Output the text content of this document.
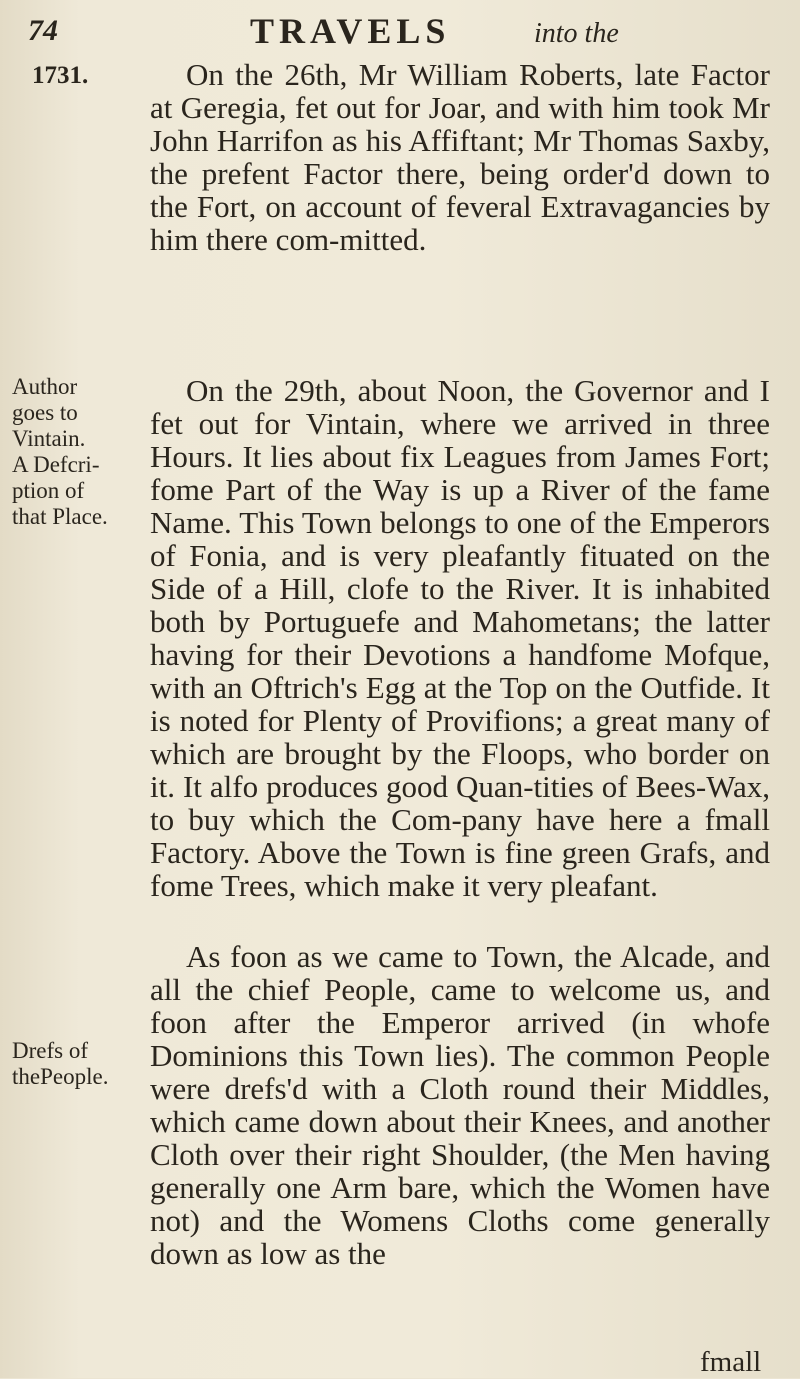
74	TRAVELS	into the
1731.
Author
goes to
Vintain.
A Defcri-
ption of
that Place.
Drefs of
thePeople.

On the 26th, Mr William Roberts, late Factor at Geregia, fet out for Joar, and with him took Mr John Harrifon as his Affiftant; Mr Thomas Saxby, the prefent Factor there, being order'd down to the Fort, on account of feveral Extravagancies by him there com-mitted.

On the 29th, about Noon, the Governor and I fet out for Vintain, where we arrived in three Hours. It lies about fix Leagues from James Fort; fome Part of the Way is up a River of the fame Name. This Town belongs to one of the Emperors of Fonia, and is very pleafantly fituated on the Side of a Hill, clofe to the River. It is inhabited both by Portuguefe and Mahometans; the latter having for their Devotions a handfome Mofque, with an Oftrich's Egg at the Top on the Outfide. It is noted for Plenty of Provifions; a great many of which are brought by the Floops, who border on it. It alfo produces good Quan-tities of Bees-Wax, to buy which the Com-pany have here a fmall Factory. Above the Town is fine green Grafs, and fome Trees, which make it very pleafant.

As foon as we came to Town, the Alcade, and all the chief People, came to welcome us, and foon after the Emperor arrived (in whofe Dominions this Town lies). The common People were drefs'd with a Cloth round their Middles, which came down about their Knees, and another Cloth over their right Shoulder, (the Men having generally one Arm bare, which the Women have not) and the Womens Cloths come generally down as low as the

fmall
